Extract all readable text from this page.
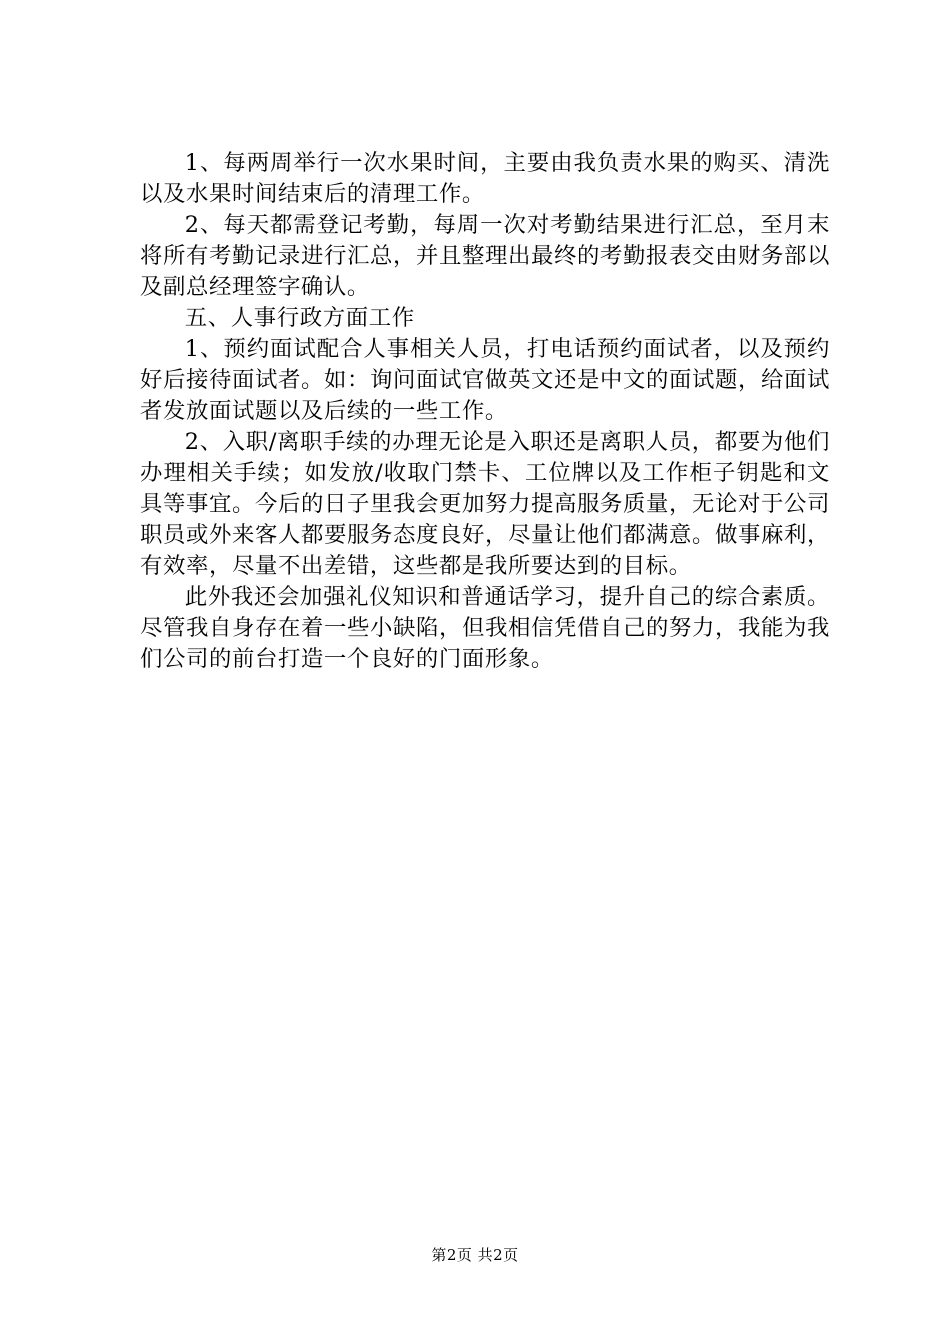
1、每两周举行一次水果时间，主要由我负责水果的购买、清洗以及水果时间结束后的清理工作。

2、每天都需登记考勤，每周一次对考勤结果进行汇总，至月末将所有考勤记录进行汇总，并且整理出最终的考勤报表交由财务部以及副总经理签字确认。

五、人事行政方面工作

1、预约面试配合人事相关人员，打电话预约面试者，以及预约好后接待面试者。如：询问面试官做英文还是中文的面试题，给面试者发放面试题以及后续的一些工作。

2、入职/离职手续的办理无论是入职还是离职人员，都要为他们办理相关手续；如发放/收取门禁卡、工位牌以及工作柜子钥匙和文具等事宜。今后的日子里我会更加努力提高服务质量，无论对于公司职员或外来客人都要服务态度良好，尽量让他们都满意。做事麻利，有效率，尽量不出差错，这些都是我所要达到的目标。

此外我还会加强礼仪知识和普通话学习，提升自己的综合素质。尽管我自身存在着一些小缺陷，但我相信凭借自己的努力，我能为我们公司的前台打造一个良好的门面形象。

第2页 共2页
